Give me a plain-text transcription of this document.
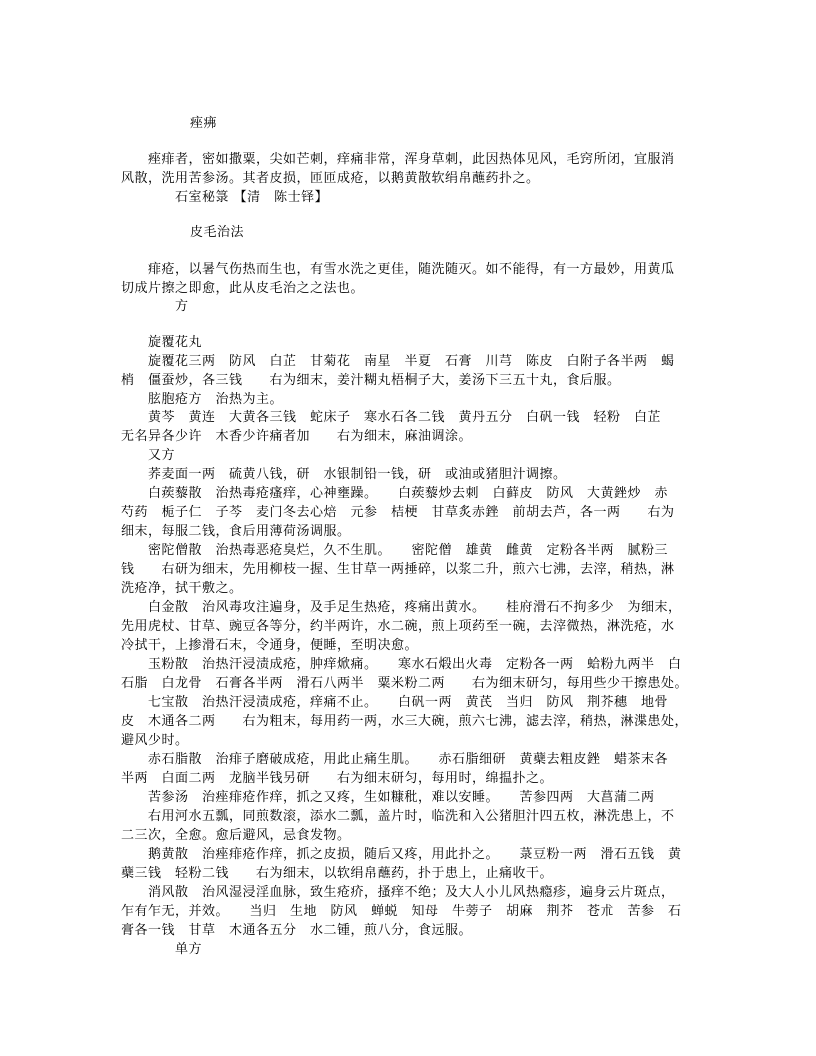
痤疿
痤痱者，密如撒粟，尖如芒刺，痒痛非常，浑身草刺，此因热体见风，毛窍所闭，宜服消
风散，洗用苦参汤。其者皮损，匝匝成疮，以鹅黄散软绢帛蘸药扑之。
石室秘箓 【清　陈士铎】
皮毛治法
痱疮，以暑气伤热而生也，有雪水洗之更佳，随洗随灭。如不能得，有一方最妙，用黄瓜
切成片擦之即愈，此从皮毛治之之法也。
方
旋覆花丸
旋覆花三两　防风　白芷　甘菊花　南星　半夏　石膏　川芎　陈皮　白附子各半两　蝎
梢　僵蚕炒，各三钱　　右为细末，姜汁糊丸梧桐子大，姜汤下三五十丸，食后服。
胘胞疮方　治热为主。
黄芩　黄连　大黄各三钱　蛇床子　寒水石各二钱　黄丹五分　白矾一钱　轻粉　白芷
无名异各少许　木香少许痛者加　　右为细末，麻油调涂。
又方
荞麦面一两　硫黄八钱，研　水银制铅一钱，研　或油或猪胆汁调擦。
白蒺藜散　治热毒疮瘙痒，心神壅躁。　　白蒺藜炒去刺　白藓皮　防风　大黄銼炒　赤
芍药　栀子仁　子芩　麦门冬去心焙　元参　桔梗　甘草炙赤銼　前胡去芦，各一两　　右为
细末，每服二钱，食后用薄荷汤调服。
密陀僧散　治热毒恶疮臭烂，久不生肌。　　密陀僧　雄黄　雌黄　定粉各半两　腻粉三
钱　　右研为细末，先用柳枝一握、生甘草一两捶碎，以浆二升，煎六七沸，去滓，稍热，淋
洗疮净，拭干敷之。
白金散　治风毒攻注遍身，及手足生热疮，疼痛出黄水。　　桂府滑石不拘多少　为细末，
先用虎杖、甘草、豌豆各等分，约半两许，水二碗，煎上项药至一碗，去滓微热，淋洗疮，水
冷拭干，上掺滑石末，令通身，便睡，至明决愈。
玉粉散　治热汗浸渍成疮，肿痒焮痛。　　寒水石煅出火毒　定粉各一两　蛤粉九两半　白
石脂　白龙骨　石膏各半两　滑石八两半　粟米粉二两　　右为细末研匀，每用些少干擦患处。
七宝散　治热汗浸渍成疮，痒痛不止。　　白矾一两　黄芪　当归　防风　荆芥穗　地骨
皮　木通各二两　　右为粗末，每用药一两，水三大碗，煎六七沸，滤去滓，稍热，淋渫患处，
避风少时。
赤石脂散　治痱子磨破成疮，用此止痛生肌。　　赤石脂细研　黄蘗去粗皮銼　蜡茶末各
半两　白面二两　龙脑半钱另研　　右为细末研匀，每用时，绵揾扑之。
苦参汤　治痤痱疮作痒，抓之又疼，生如糠秕，难以安睡。　　苦参四两　大菖蒲二两
右用河水五瓢，同煎数滚，添水二瓢，盖片时，临洗和入公猪胆汁四五枚，淋洗患上，不
二三次，全愈。愈后避风，忌食发物。
鹅黄散　治痤痱疮作痒，抓之皮损，随后又疼，用此扑之。　　菉豆粉一两　滑石五钱　黄
蘗三钱　轻粉二钱　　右为细末，以软绢帛蘸药，扑于患上，止痛收干。
消风散　治风湿浸淫血脉，致生疮疥，搔痒不绝；及大人小儿风热瘾疹，遍身云片斑点，
乍有乍无，并效。　　当归　生地　防风　蝉蜕　知母　牛蒡子　胡麻　荆芥　苍朮　苦参　石
膏各一钱　甘草　木通各五分　水二锺，煎八分，食远服。
单方
